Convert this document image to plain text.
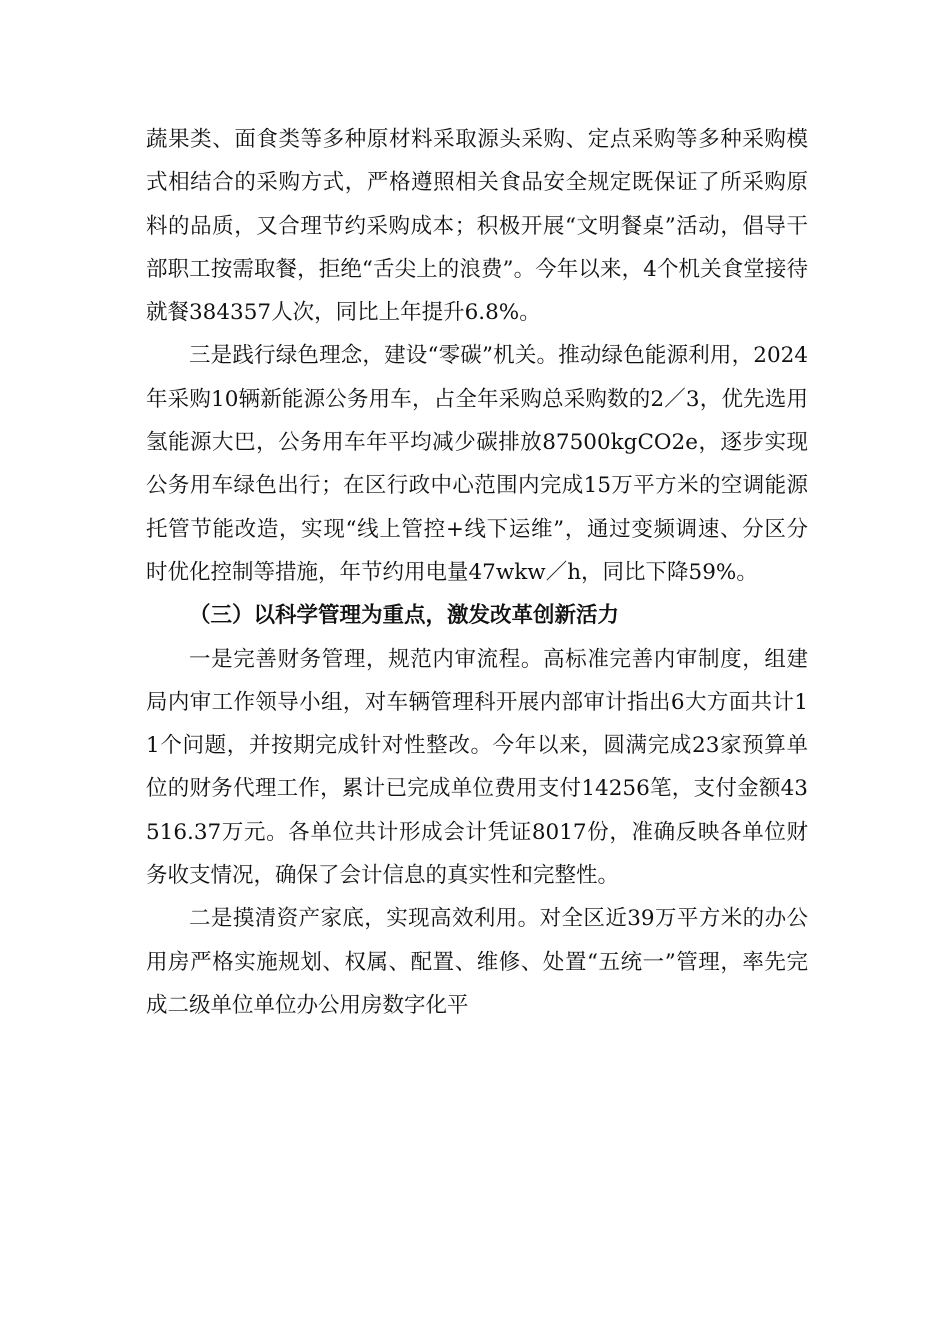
蔬果类、面食类等多种原材料采取源头采购、定点采购等多种采购模式相结合的采购方式，严格遵照相关食品安全规定既保证了所采购原料的品质，又合理节约采购成本；积极开展“文明餐桌”活动，倡导干部职工按需取餐，拒绝“舌尖上的浪费”。今年以来，4个机关食堂接待就餐384357人次，同比上年提升6.8%。

三是践行绿色理念，建设“零碳”机关。推动绿色能源利用，2024年采购10辆新能源公务用车，占全年采购总采购数的2／3，优先选用氢能源大巴，公务用车年平均减少碳排放87500kgCO2e，逐步实现公务用车绿色出行；在区行政中心范围内完成15万平方米的空调能源托管节能改造，实现“线上管控+线下运维”，通过变频调速、分区分时优化控制等措施，年节约用电量47wkw／h，同比下降59%。

（三）以科学管理为重点，激发改革创新活力

一是完善财务管理，规范内审流程。高标准完善内审制度，组建局内审工作领导小组，对车辆管理科开展内部审计指出6大方面共计11个问题，并按期完成针对性整改。今年以来，圆满完成23家预算单位的财务代理工作，累计已完成单位费用支付14256笔，支付金额43516.37万元。各单位共计形成会计凭证8017份，准确反映各单位财务收支情况，确保了会计信息的真实性和完整性。

二是摸清资产家底，实现高效利用。对全区近39万平方米的办公用房严格实施规划、权属、配置、维修、处置“五统一”管理，率先完成二级单位单位办公用房数字化平
